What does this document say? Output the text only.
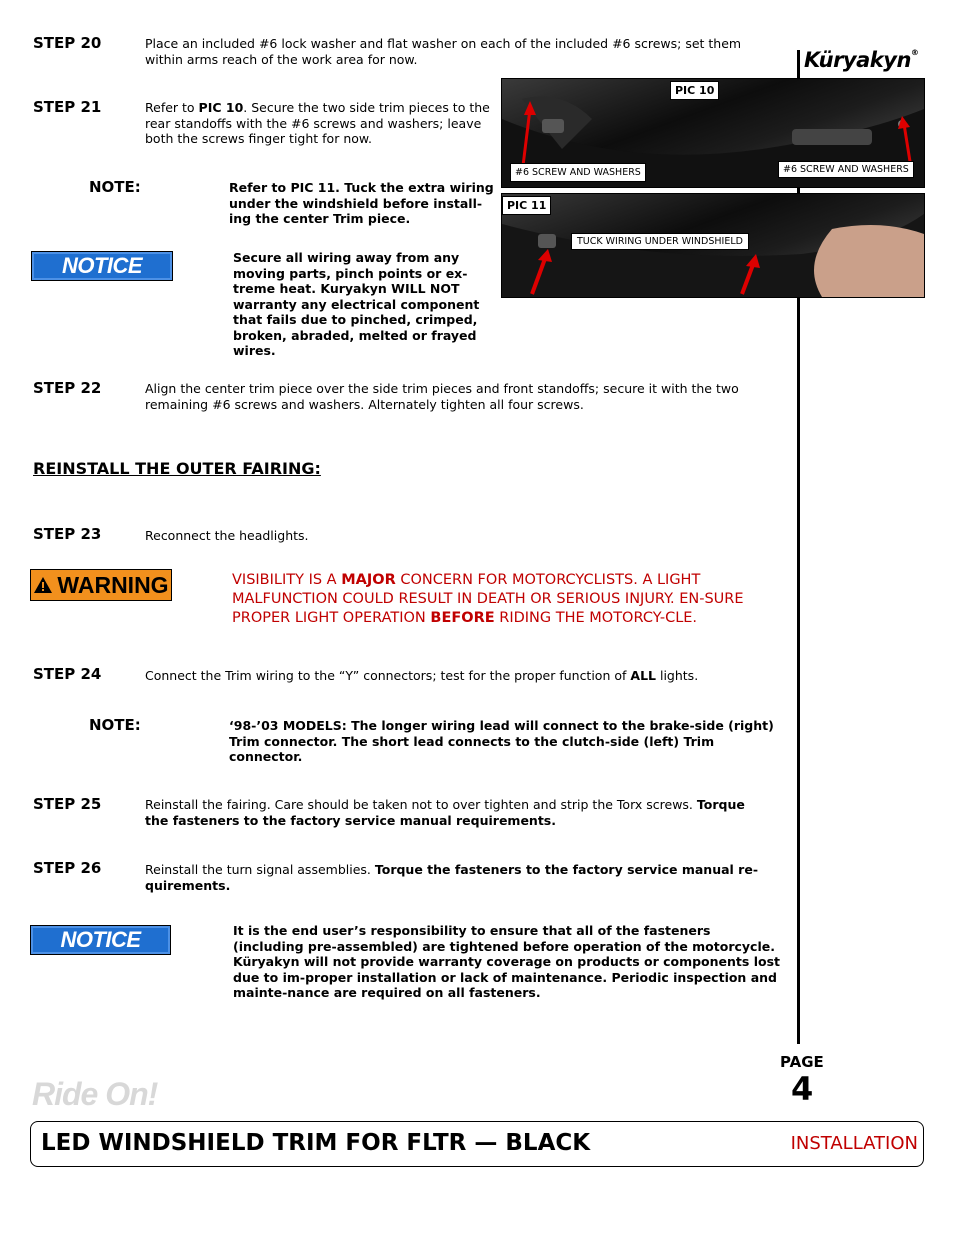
Küryakyn®
STEP 20	Place an included #6 lock washer and flat washer on each of the included #6 screws; set them within arms reach of the work area for now.
STEP 21	Refer to PIC 10. Secure the two side trim pieces to the rear standoffs with the #6 screws and washers; leave both the screws finger tight for now.
NOTE:	Refer to PIC 11. Tuck the extra wiring under the windshield before install-ing the center Trim piece.
NOTICE	Secure all wiring away from any moving parts, pinch points or ex-treme heat. Kuryakyn WILL NOT warranty any electrical component that fails due to pinched, crimped, broken, abraded, melted or frayed wires.
PIC 10
#6 SCREW AND WASHERS	#6 SCREW AND WASHERS
PIC 11
TUCK WIRING UNDER WINDSHIELD
STEP 22	Align the center trim piece over the side trim pieces and front standoffs; secure it with the two remaining #6 screws and washers. Alternately tighten all four screws.
REINSTALL THE OUTER FAIRING:
STEP 23	Reconnect the headlights.
WARNING	VISIBILITY IS A MAJOR CONCERN FOR MOTORCYCLISTS. A LIGHT MALFUNCTION COULD RESULT IN DEATH OR SERIOUS INJURY. EN-SURE PROPER LIGHT OPERATION BEFORE RIDING THE MOTORCY-CLE.
STEP 24	Connect the Trim wiring to the “Y” connectors; test for the proper function of ALL lights.
NOTE:	‘98-’03 MODELS: The longer wiring lead will connect to the brake-side (right) Trim connector. The short lead connects to the clutch-side (left) Trim connector.
STEP 25	Reinstall the fairing. Care should be taken not to over tighten and strip the Torx screws. Torque the fasteners to the factory service manual requirements.
STEP 26	Reinstall the turn signal assemblies. Torque the fasteners to the factory service manual re-quirements.
NOTICE	It is the end user’s responsibility to ensure that all of the fasteners (including pre-assembled) are tightened before operation of the motorcycle. Küryakyn will not provide warranty coverage on products or components lost due to im-proper installation or lack of maintenance. Periodic inspection and mainte-nance are required on all fasteners.
PAGE
4
Ride On!
LED WINDSHIELD TRIM FOR FLTR — BLACK	INSTALLATION
